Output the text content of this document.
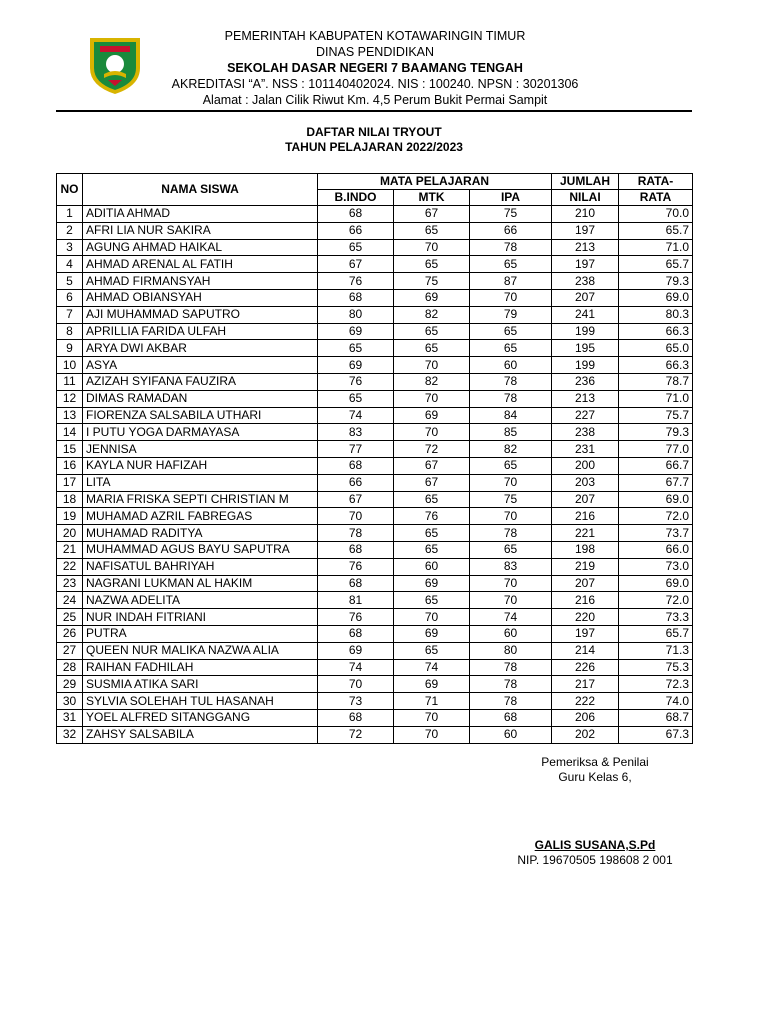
PEMERINTAH KABUPATEN KOTAWARINGIN TIMUR
DINAS PENDIDIKAN
SEKOLAH DASAR NEGERI 7 BAAMANG TENGAH
AKREDITASI “A”. NSS : 101140402024. NIS : 100240. NPSN : 30201306
Alamat : Jalan Cilik Riwut Km. 4,5 Perum Bukit Permai Sampit
DAFTAR NILAI TRYOUT
TAHUN PELAJARAN 2022/2023
NO	NAMA SISWA	MATA PELAJARAN			JUMLAH	RATA-
		B.INDO	MTK	IPA	NILAI	RATA
1	ADITIA AHMAD	68	67	75	210	70.0
2	AFRI LIA NUR SAKIRA	66	65	66	197	65.7
3	AGUNG AHMAD HAIKAL	65	70	78	213	71.0
4	AHMAD ARENAL AL FATIH	67	65	65	197	65.7
5	AHMAD FIRMANSYAH	76	75	87	238	79.3
6	AHMAD OBIANSYAH	68	69	70	207	69.0
7	AJI MUHAMMAD SAPUTRO	80	82	79	241	80.3
8	APRILLIA FARIDA ULFAH	69	65	65	199	66.3
9	ARYA DWI AKBAR	65	65	65	195	65.0
10	ASYA	69	70	60	199	66.3
11	AZIZAH SYIFANA FAUZIRA	76	82	78	236	78.7
12	DIMAS RAMADAN	65	70	78	213	71.0
13	FIORENZA SALSABILA UTHARI	74	69	84	227	75.7
14	I PUTU YOGA DARMAYASA	83	70	85	238	79.3
15	JENNISA	77	72	82	231	77.0
16	KAYLA NUR HAFIZAH	68	67	65	200	66.7
17	LITA	66	67	70	203	67.7
18	MARIA FRISKA SEPTI CHRISTIAN M	67	65	75	207	69.0
19	MUHAMAD AZRIL FABREGAS	70	76	70	216	72.0
20	MUHAMAD RADITYA	78	65	78	221	73.7
21	MUHAMMAD AGUS BAYU SAPUTRA	68	65	65	198	66.0
22	NAFISATUL BAHRIYAH	76	60	83	219	73.0
23	NAGRANI LUKMAN AL HAKIM	68	69	70	207	69.0
24	NAZWA ADELITA	81	65	70	216	72.0
25	NUR INDAH FITRIANI	76	70	74	220	73.3
26	PUTRA	68	69	60	197	65.7
27	QUEEN NUR MALIKA NAZWA ALIA	69	65	80	214	71.3
28	RAIHAN FADHILAH	74	74	78	226	75.3
29	SUSMIA ATIKA SARI	70	69	78	217	72.3
30	SYLVIA SOLEHAH TUL HASANAH	73	71	78	222	74.0
31	YOEL ALFRED SITANGGANG	68	70	68	206	68.7
32	ZAHSY SALSABILA	72	70	60	202	67.3
Pemeriksa & Penilai
Guru Kelas 6,
GALIS SUSANA,S.Pd
NIP. 19670505 198608 2 001
